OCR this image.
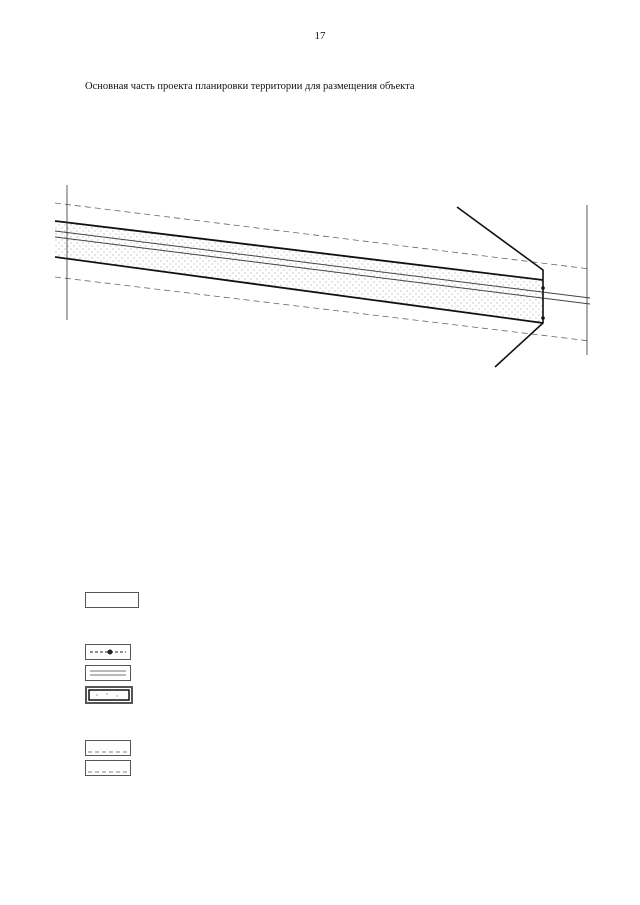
17
Основная часть проекта планировки территории для размещения объекта
